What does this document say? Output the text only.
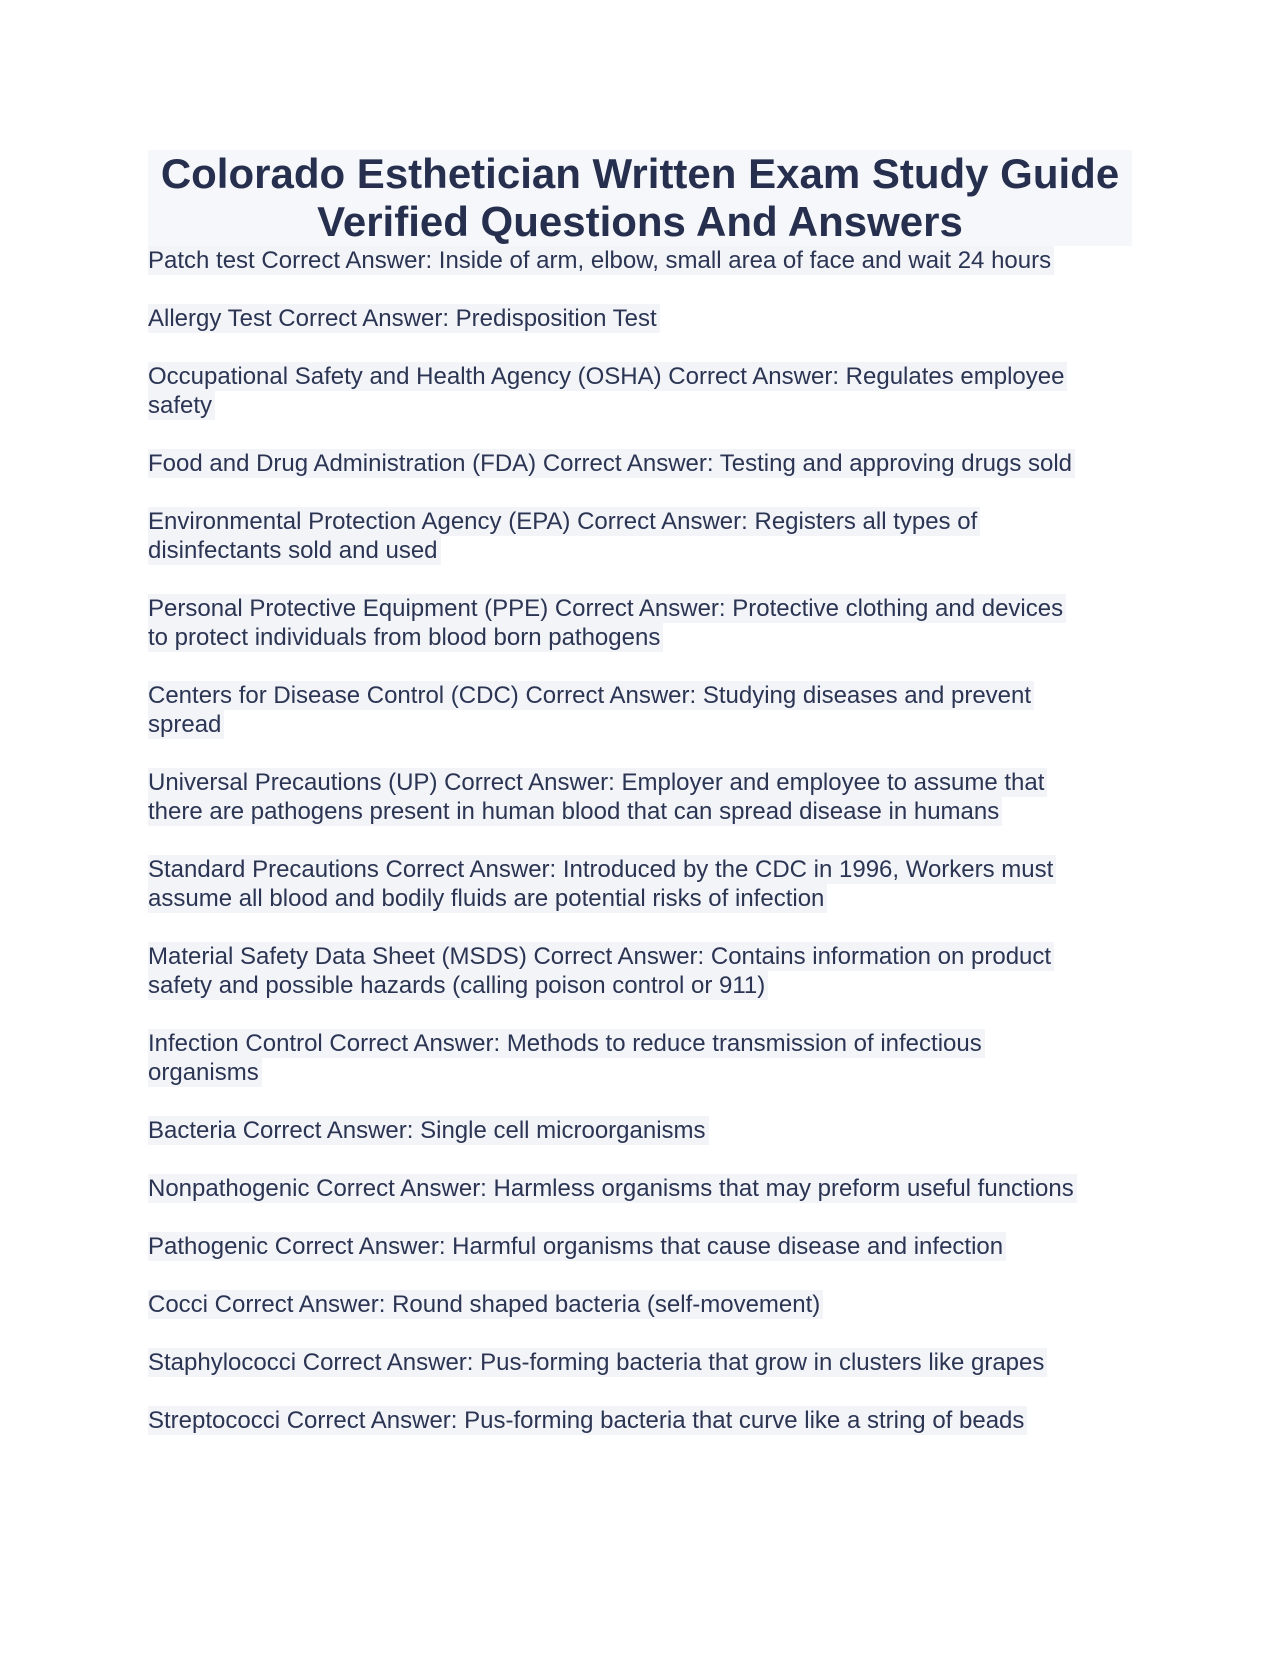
Colorado Esthetician Written Exam Study Guide
Verified Questions And Answers
Patch test Correct Answer: Inside of arm, elbow, small area of face and wait 24 hours
Allergy Test Correct Answer: Predisposition Test
Occupational Safety and Health Agency (OSHA) Correct Answer: Regulates employee
safety
Food and Drug Administration (FDA) Correct Answer: Testing and approving drugs sold
Environmental Protection Agency (EPA) Correct Answer: Registers all types of
disinfectants sold and used
Personal Protective Equipment (PPE) Correct Answer: Protective clothing and devices
to protect individuals from blood born pathogens
Centers for Disease Control (CDC) Correct Answer: Studying diseases and prevent
spread
Universal Precautions (UP) Correct Answer: Employer and employee to assume that
there are pathogens present in human blood that can spread disease in humans
Standard Precautions Correct Answer: Introduced by the CDC in 1996, Workers must
assume all blood and bodily fluids are potential risks of infection
Material Safety Data Sheet (MSDS) Correct Answer: Contains information on product
safety and possible hazards (calling poison control or 911)
Infection Control Correct Answer: Methods to reduce transmission of infectious
organisms
Bacteria Correct Answer: Single cell microorganisms
Nonpathogenic Correct Answer: Harmless organisms that may preform useful functions
Pathogenic Correct Answer: Harmful organisms that cause disease and infection
Cocci Correct Answer: Round shaped bacteria (self-movement)
Staphylococci Correct Answer: Pus-forming bacteria that grow in clusters like grapes
Streptococci Correct Answer: Pus-forming bacteria that curve like a string of beads
